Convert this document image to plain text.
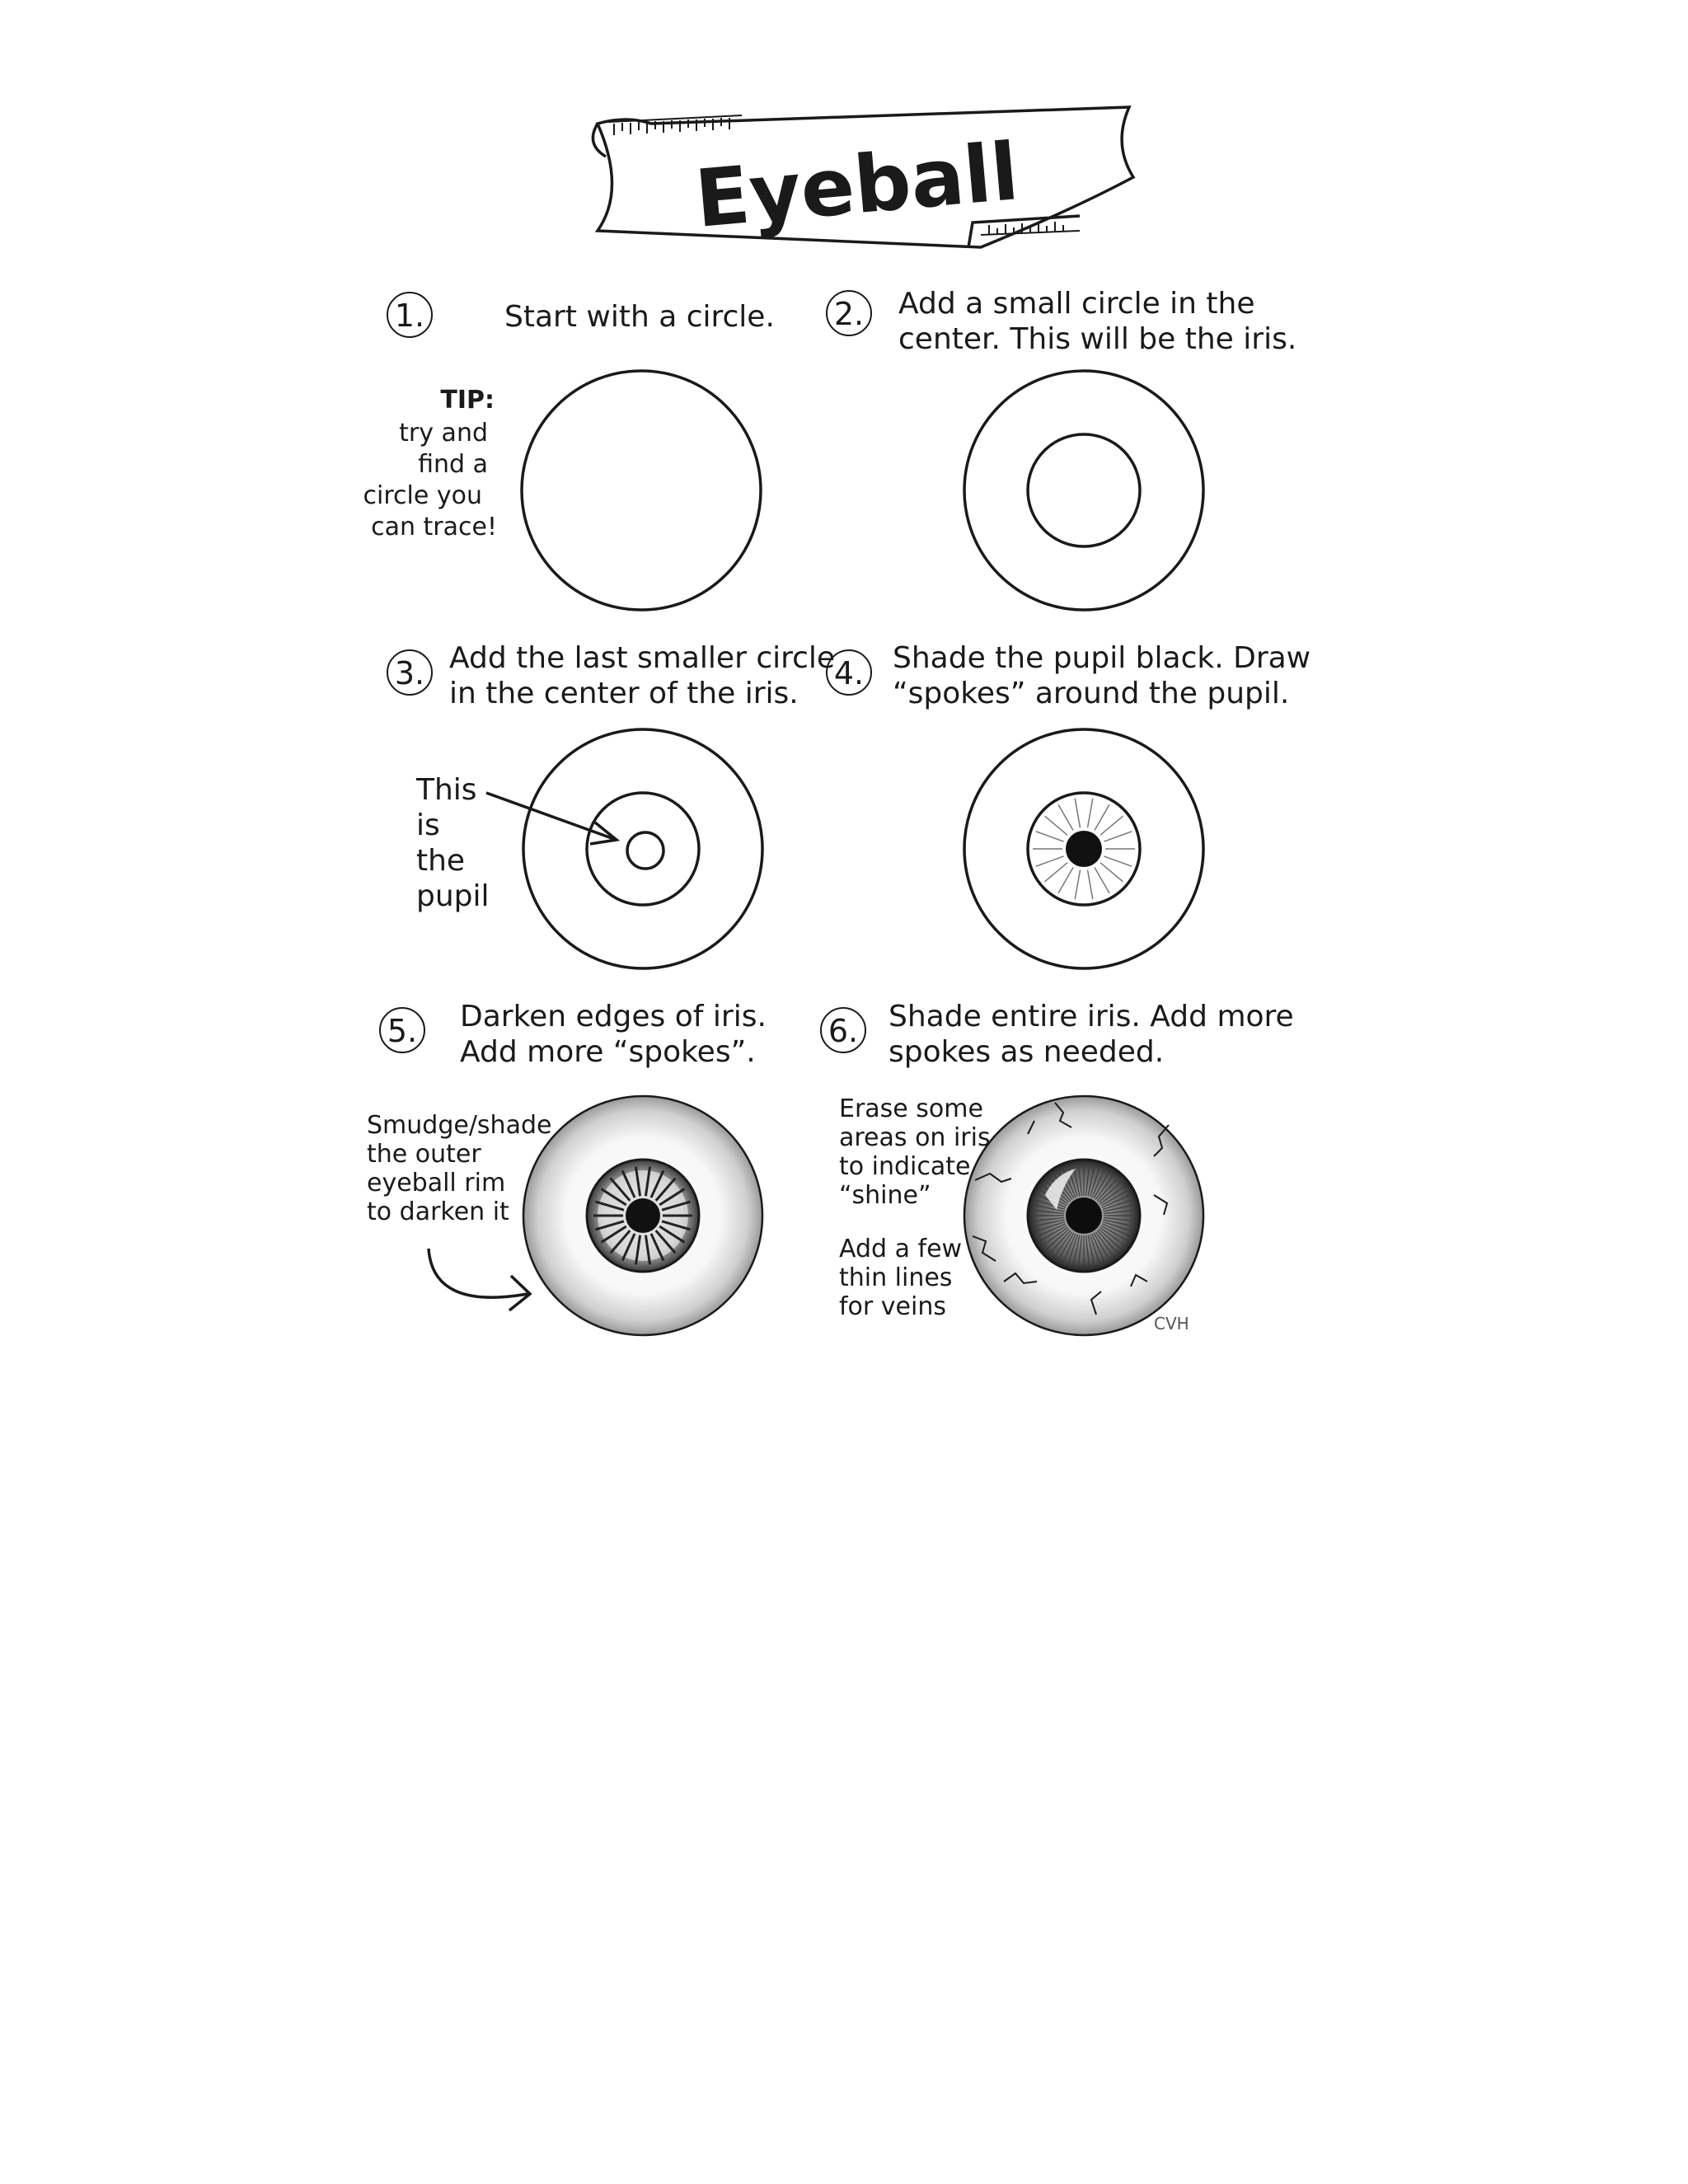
Eyeball
1.	Start with a circle.
TIP:
try and
find a
circle you
can trace!
2. Add a small circle in the
center. This will be the iris.
3. Add the last smaller circle
in the center of the iris.
This
is
the
pupil
4. Shade the pupil black. Draw
“spokes” around the pupil.
5. Darken edges of iris.
Add more “spokes”.
Smudge/shade
the outer
eyeball rim
to darken it
6. Shade entire iris. Add more
spokes as needed.
Erase some
areas on iris
to indicate
“shine”
Add a few
thin lines
for veins
CVH
